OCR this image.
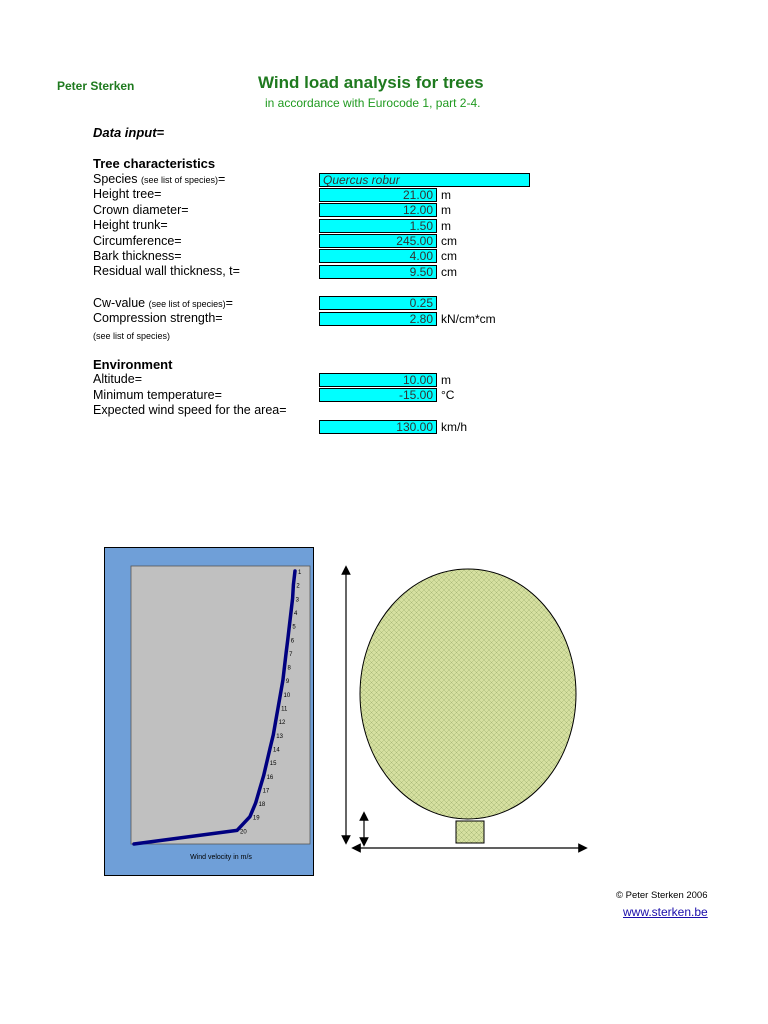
Peter Sterken	Wind load analysis for trees
in accordance with Eurocode 1, part 2-4.
Data input=
Tree characteristics
Species (see list of species)=	Quercus robur
Height tree=	21.00 m
Crown diameter=	12.00 m
Height trunk=	1.50 m
Circumference=	245.00 cm
Bark thickness=	4.00 cm
Residual wall thickness, t=	9.50 cm
Cw-value (see list of species)=	0.25
Compression strength=	2.80 kN/cm*cm
(see list of species)
Environment
Altitude=	10.00 m
Minimum temperature=	-15.00 °C
Expected wind speed for the area=
130.00 km/h
1
2
3
4
5
6
7
8
9
10
11
12
13
14
15
16
17
18
19
20
Wind velocity in m/s
© Peter Sterken 2006
www.sterken.be
